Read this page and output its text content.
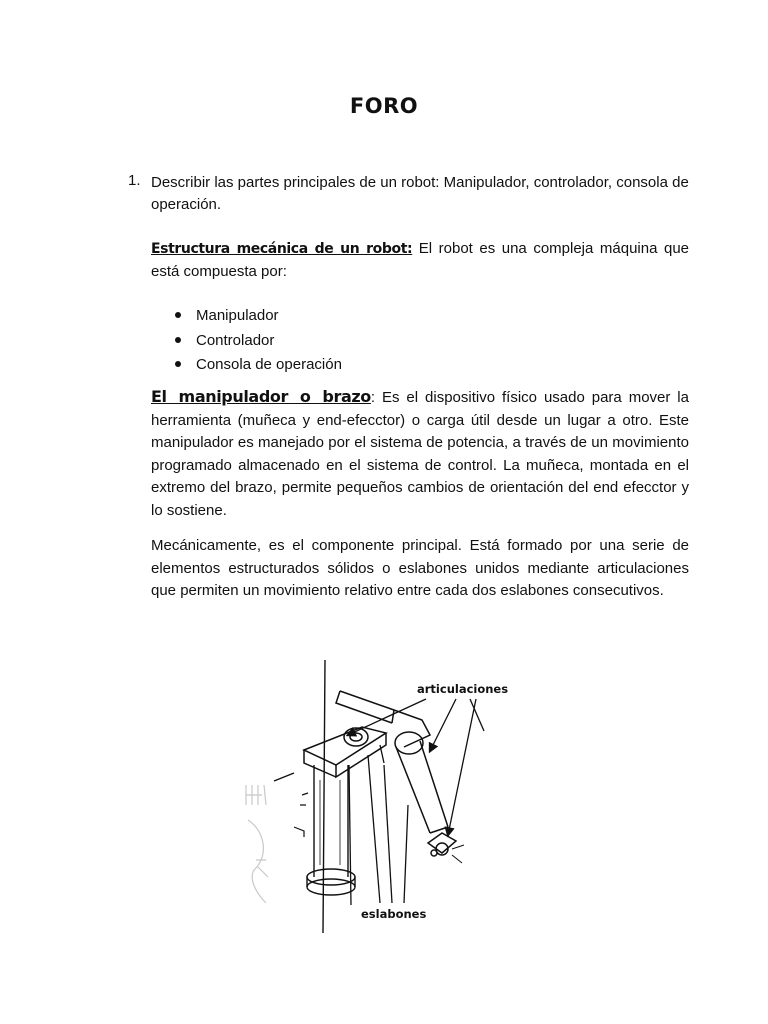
FORO
1. Describir las partes principales de un robot: Manipulador, controlador, consola de operación.
Estructura mecánica de un robot: El robot es una compleja máquina que está compuesta por:
Manipulador
Controlador
Consola de operación
El manipulador o brazo: Es el dispositivo físico usado para mover la herramienta (muñeca y end-efecctor) o carga útil desde un lugar a otro. Este manipulador es manejado por el sistema de potencia, a través de un movimiento programado almacenado en el sistema de control. La muñeca, montada en el extremo del brazo, permite pequeños cambios de orientación del end efecctor y lo sostiene.
Mecánicamente, es el componente principal. Está formado por una serie de elementos estructurados sólidos o eslabones unidos mediante articulaciones que permiten un movimiento relativo entre cada dos eslabones consecutivos.
articulaciones
eslabones
